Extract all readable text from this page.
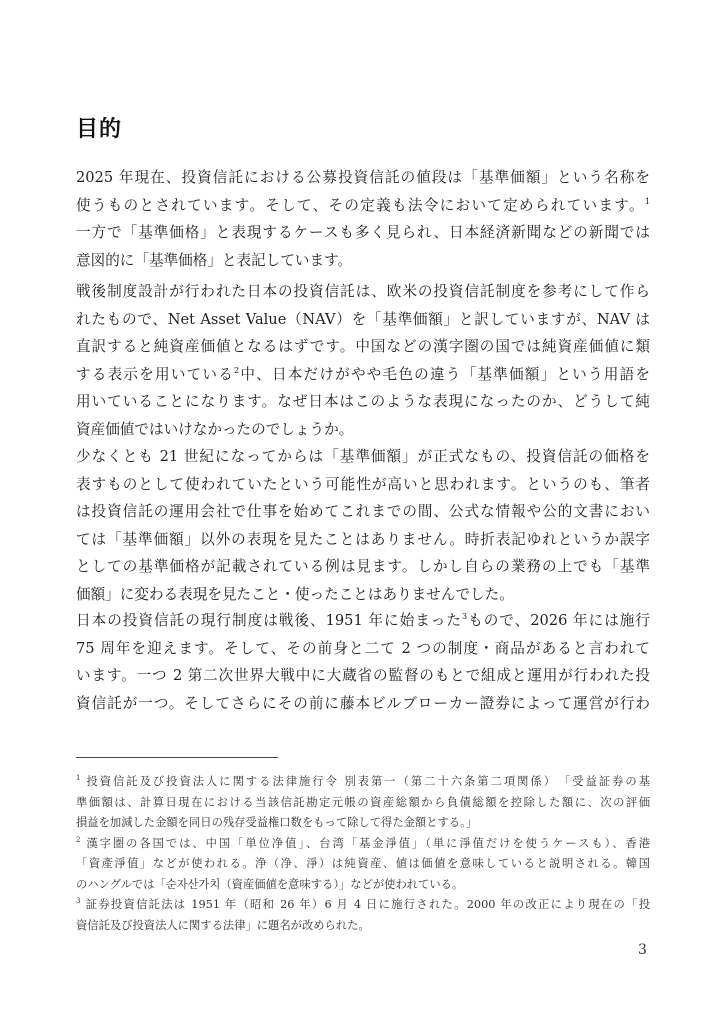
目的
2025 年現在、投資信託における公募投資信託の値段は「基準価額」という名称を
使うものとされています。そして、その定義も法令において定められています。$^1$
一方で「基準価格」と表現するケースも多く見られ、日本経済新聞などの新聞では
意図的に「基準価格」と表記しています。
戦後制度設計が行われた日本の投資信託は、欧米の投資信託制度を参考にして作ら
れたもので、Net Asset Value（NAV）を「基準価額」と訳していますが、NAV は
直訳すると純資産価値となるはずです。中国などの漢字圏の国では純資産価値に類
する表示を用いている$^2$中、日本だけがやや毛色の違う「基準価額」という用語を
用いていることになります。なぜ日本はこのような表現になったのか、どうして純
資産価値ではいけなかったのでしょうか。
少なくとも 21 世紀になってからは「基準価額」が正式なもの、投資信託の価格を
表すものとして使われていたという可能性が高いと思われます。というのも、筆者
は投資信託の運用会社で仕事を始めてこれまでの間、公式な情報や公的文書におい
ては「基準価額」以外の表現を見たことはありません。時折表記ゆれというか誤字
としての基準価格が記載されている例は見ます。しかし自らの業務の上でも「基準
価額」に変わる表現を見たこと・使ったことはありませんでした。
日本の投資信託の現行制度は戦後、1951 年に始まった$^3$もので、2026 年には施行
75 周年を迎えます。そして、その前身と二て 2 つの制度・商品があると言われて
います。一つ 2 第二次世界大戦中に大蔵省の監督のもとで組成と運用が行われた投
資信託が一つ。そしてさらにその前に藤本ビルブローカー證券によって運営が行わ
$^1$ 投資信託及び投資法人に関する法律施行令 別表第一（第二十六条第二項関係）　「受益証券の基
準価額は、計算日現在における当該信託勘定元帳の資産総額から負債総額を控除した額に、次の評価
損益を加減した金額を同日の残存受益権口数をもって除して得た金額とする。」
$^2$ 漢字圏の各国では、中国「単位净值」、台湾「基金淨值」（単に淨值だけを使うケースも）、香港
「資產淨值」などが使われる。浄（净、淨）は純資産、値は価値を意味していると説明される。韓国
のハングルでは「순자산가치（資産価値を意味する）」などが使われている。
$^3$ 証券投資信託法は 1951 年（昭和 26 年）6 月 4 日に施行された。2000 年の改正により現在の「投
資信託及び投資法人に関する法律」に題名が改められた。
3
